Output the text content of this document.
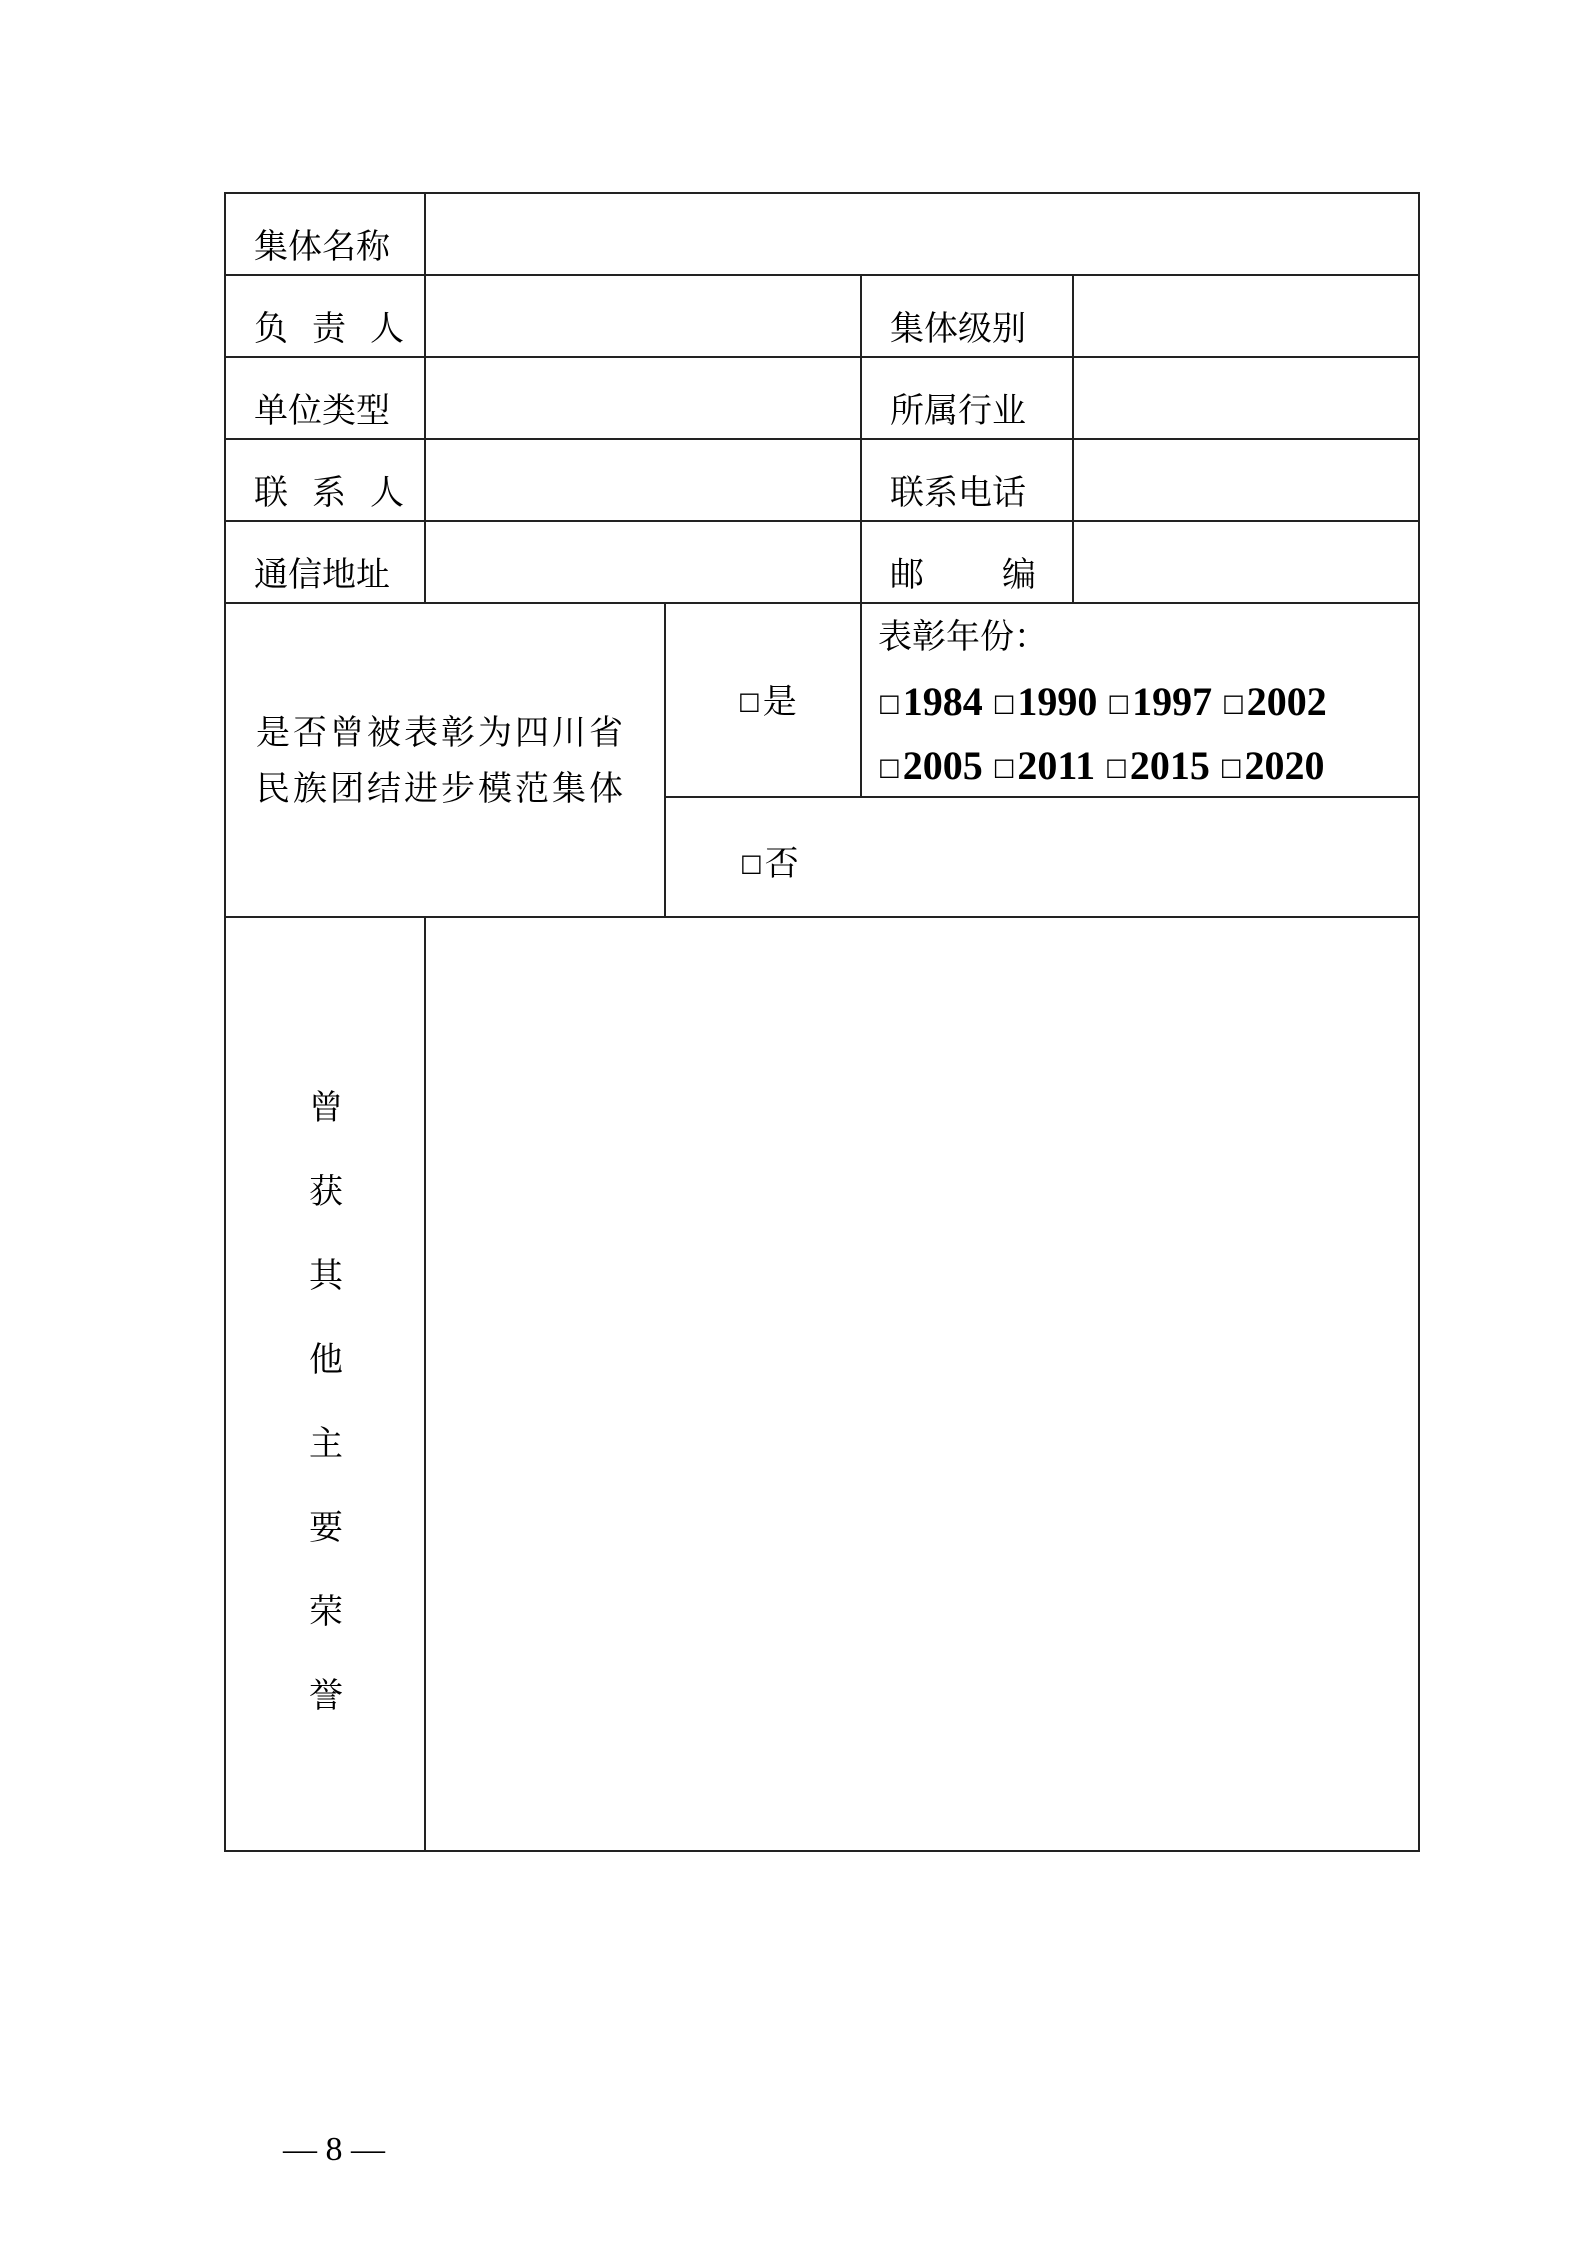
集体名称
负责人	集体级别
单位类型	所属行业
联系人	联系电话
通信地址	邮编
是否曾被表彰为四川省
民族团结进步模范集体
□是
表彰年份：
□1984 □1990 □1997 □2002
□2005 □2011 □2015 □2020
□否
曾
获
其
他
主
要
荣
誉
— 8 —
